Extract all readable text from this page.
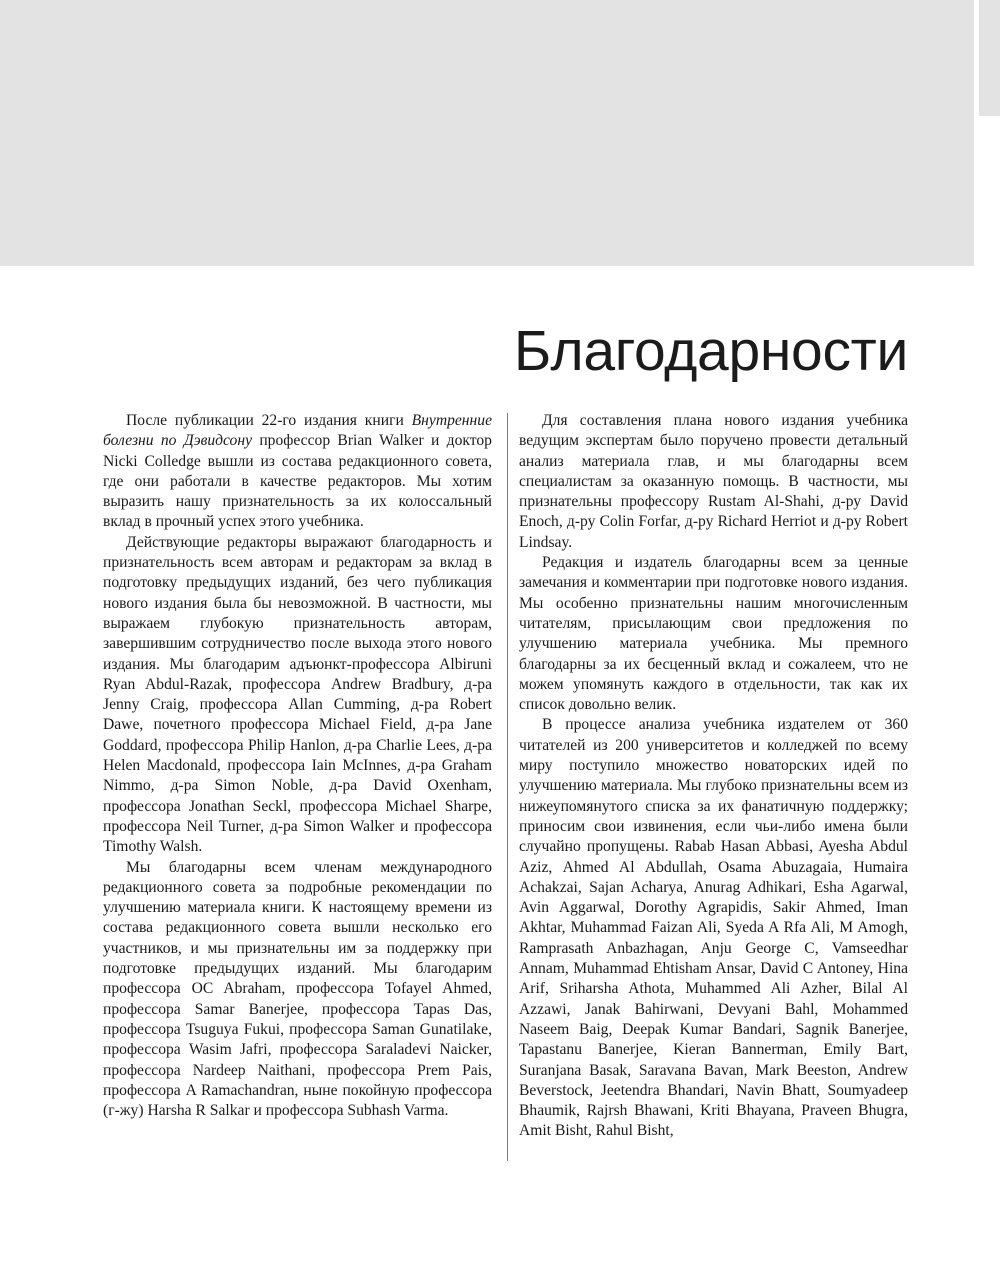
Благодарности

После публикации 22-го издания книги Внутренние болезни по Дэвидсону профессор Brian Walker и доктор Nicki Colledge вышли из состава редакционного совета, где они работали в качестве редакторов. Мы хотим выразить нашу признательность за их колоссальный вклад в прочный успех этого учебника.

Действующие редакторы выражают благодарность и признательность всем авторам и редакторам за вклад в подготовку предыдущих изданий, без чего публикация нового издания была бы невозможной. В частности, мы выражаем глубокую признательность авторам, завершившим сотрудничество после выхода этого нового издания. Мы благодарим адъюнкт-профессора Albiruni Ryan Abdul-Razak, профессора Andrew Bradbury, д-ра Jenny Craig, профессора Allan Cumming, д-ра Robert Dawe, почетного профессора Michael Field, д-ра Jane Goddard, профессора Philip Hanlon, д-ра Charlie Lees, д-ра Helen Macdonald, профессора Iain McInnes, д-ра Graham Nimmo, д-ра Simon Noble, д-ра David Oxenham, профессора Jonathan Seckl, профессора Michael Sharpe, профессора Neil Turner, д-ра Simon Walker и профессора Timothy Walsh.

Мы благодарны всем членам международного редакционного совета за подробные рекомендации по улучшению материала книги. К настоящему времени из состава редакционного совета вышли несколько его участников, и мы признательны им за поддержку при подготовке предыдущих изданий. Мы благодарим профессора OC Abraham, профессора Tofayel Ahmed, профессора Samar Banerjee, профессора Tapas Das, профессора Tsuguya Fukui, профессора Saman Gunatilake, профессора Wasim Jafri, профессора Saraladevi Naicker, профессора Nardeep Naithani, профессора Prem Pais, профессора A Ramachandran, ныне покойную профессора (г-жу) Harsha R Salkar и профессора Subhash Varma.

Для составления плана нового издания учебника ведущим экспертам было поручено провести детальный анализ материала глав, и мы благодарны всем специалистам за оказанную помощь. В частности, мы признательны профессору Rustam Al-Shahi, д-ру David Enoch, д-ру Colin Forfar, д-ру Richard Herriot и д-ру Robert Lindsay.

Редакция и издатель благодарны всем за ценные замечания и комментарии при подготовке нового издания. Мы особенно признательны нашим многочисленным читателям, присылающим свои предложения по улучшению материала учебника. Мы премного благодарны за их бесценный вклад и сожалеем, что не можем упомянуть каждого в отдельности, так как их список довольно велик.

В процессе анализа учебника издателем от 360 читателей из 200 университетов и колледжей по всему миру поступило множество новаторских идей по улучшению материала. Мы глубоко признательны всем из нижеупомянутого списка за их фанатичную поддержку; приносим свои извинения, если чьи-либо имена были случайно пропущены. Rabab Hasan Abbasi, Ayesha Abdul Aziz, Ahmed Al Abdullah, Osama Abuzagaia, Humaira Achakzai, Sajan Acharya, Anurag Adhikari, Esha Agarwal, Avin Aggarwal, Dorothy Agrapidis, Sakir Ahmed, Iman Akhtar, Muhammad Faizan Ali, Syeda A Rfa Ali, M Amogh, Ramprasath Anbazhagan, Anju George C, Vamseedhar Annam, Muhammad Ehtisham Ansar, David C Antoney, Hina Arif, Sriharsha Athota, Muhammed Ali Azher, Bilal Al Azzawi, Janak Bahirwani, Devyani Bahl, Mohammed Naseem Baig, Deepak Kumar Bandari, Sagnik Banerjee, Tapastanu Banerjee, Kieran Bannerman, Emily Bart, Suranjana Basak, Saravana Bavan, Mark Beeston, Andrew Beverstock, Jeetendra Bhandari, Navin Bhatt, Soumyadeep Bhaumik, Rajrsh Bhawani, Kriti Bhayana, Praveen Bhugra, Amit Bisht, Rahul Bisht,
